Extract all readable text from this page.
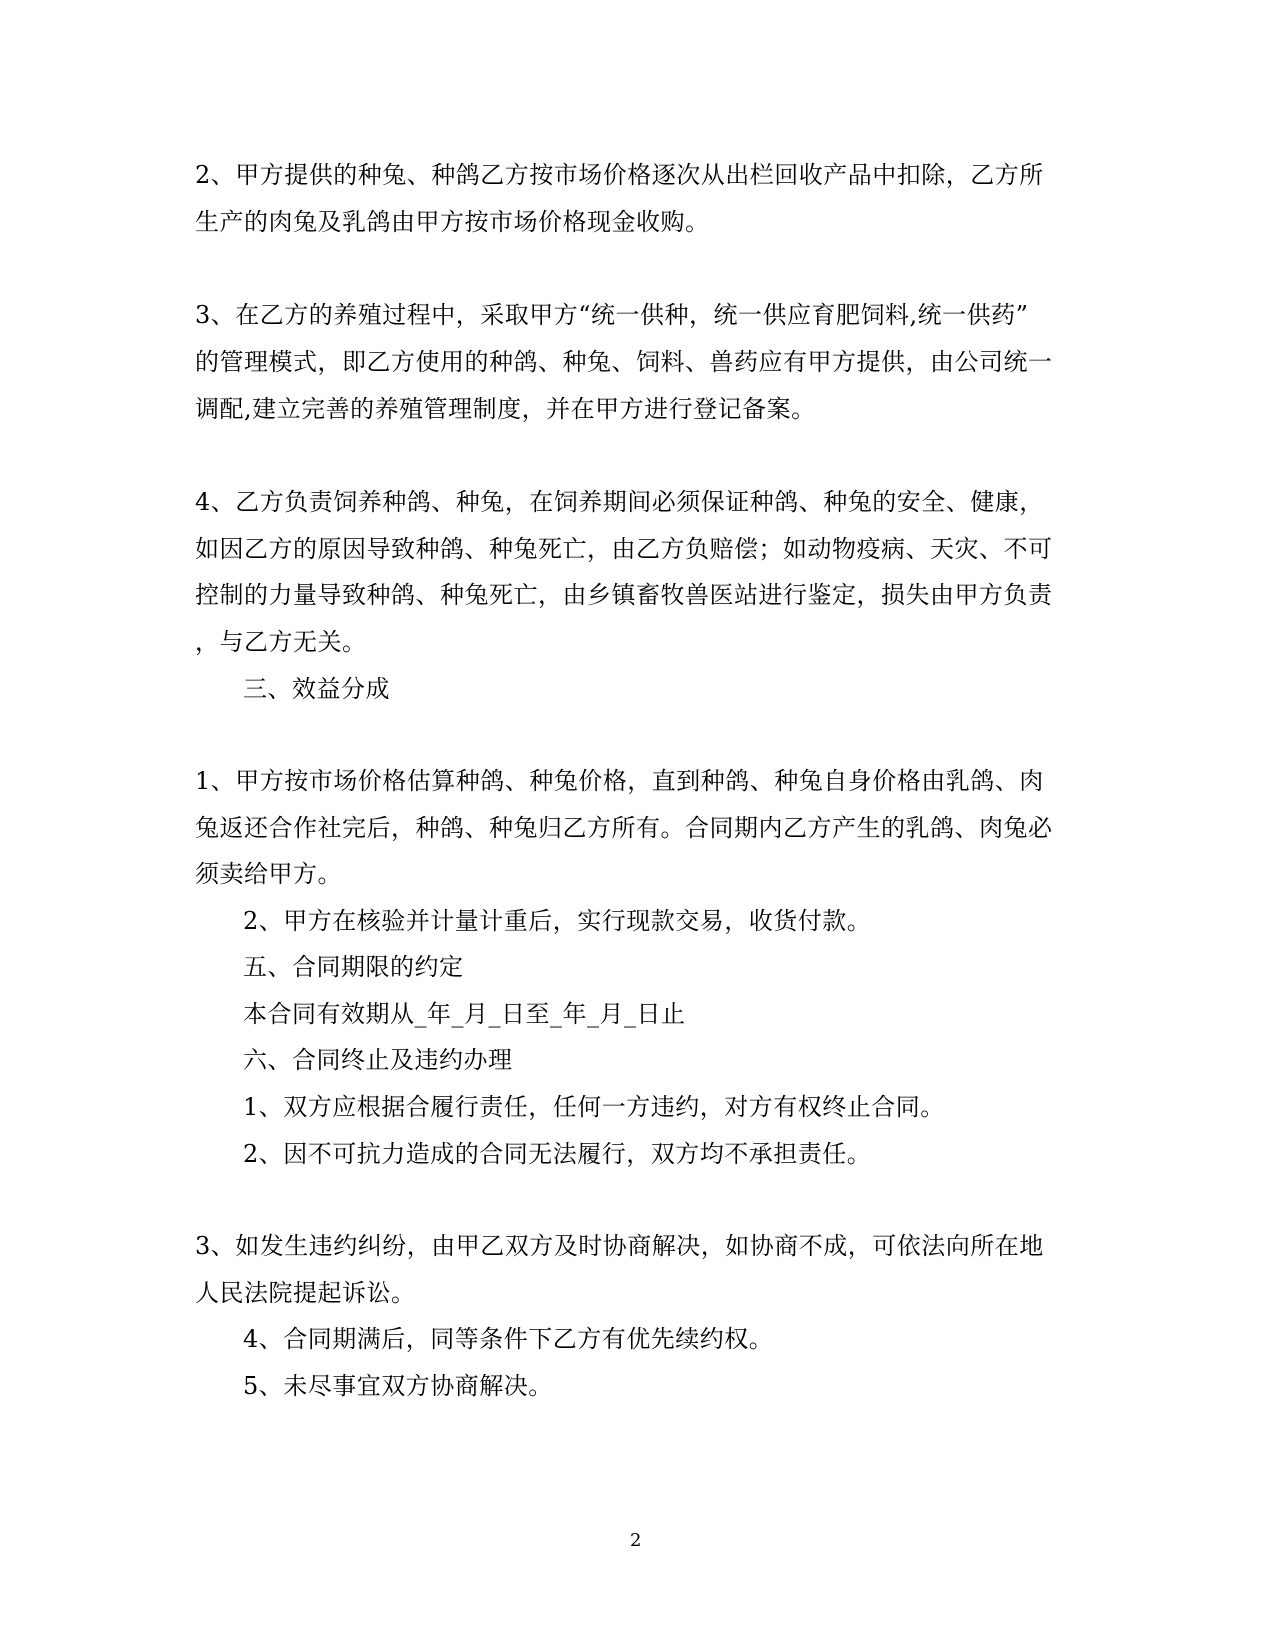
2、甲方提供的种兔、种鸽乙方按市场价格逐次从出栏回收产品中扣除，乙方所
生产的肉兔及乳鸽由甲方按市场价格现金收购。
3、在乙方的养殖过程中，采取甲方“统一供种，统一供应育肥饲料,统一供药”
的管理模式，即乙方使用的种鸽、种兔、饲料、兽药应有甲方提供，由公司统一
调配,建立完善的养殖管理制度，并在甲方进行登记备案。
4、乙方负责饲养种鸽、种兔，在饲养期间必须保证种鸽、种兔的安全、健康，
如因乙方的原因导致种鸽、种兔死亡，由乙方负赔偿；如动物疫病、天灾、不可
控制的力量导致种鸽、种兔死亡，由乡镇畜牧兽医站进行鉴定，损失由甲方负责
，与乙方无关。
三、效益分成
1、甲方按市场价格估算种鸽、种兔价格，直到种鸽、种兔自身价格由乳鸽、肉
兔返还合作社完后，种鸽、种兔归乙方所有。合同期内乙方产生的乳鸽、肉兔必
须卖给甲方。
2、甲方在核验并计量计重后，实行现款交易，收货付款。
五、合同期限的约定
本合同有效期从_年_月_日至_年_月_日止
六、合同终止及违约办理
1、双方应根据合履行责任，任何一方违约，对方有权终止合同。
2、因不可抗力造成的合同无法履行，双方均不承担责任。
3、如发生违约纠纷，由甲乙双方及时协商解决，如协商不成，可依法向所在地
人民法院提起诉讼。
4、合同期满后，同等条件下乙方有优先续约权。
5、未尽事宜双方协商解决。
2
